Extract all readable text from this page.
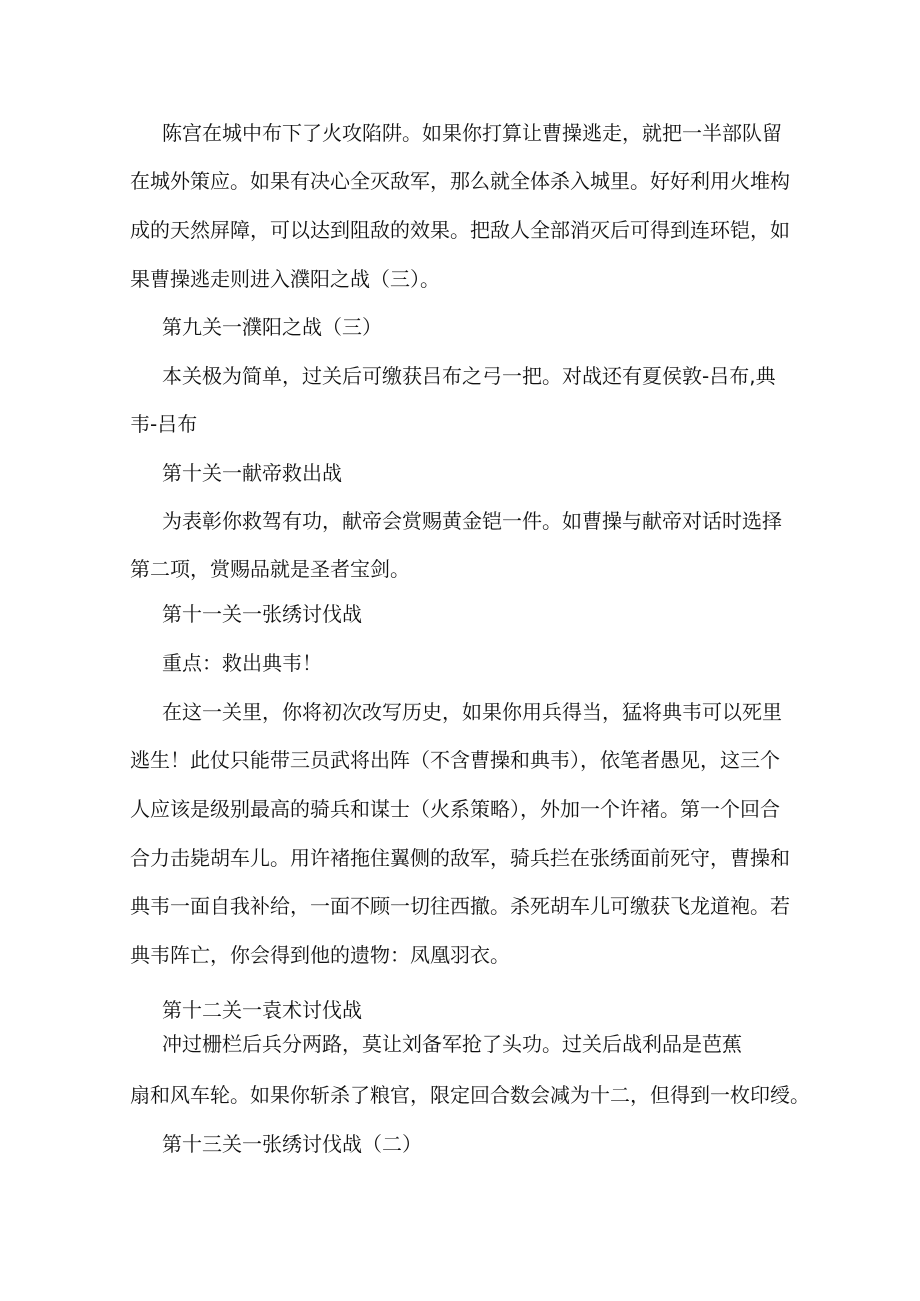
陈宫在城中布下了火攻陷阱。如果你打算让曹操逃走，就把一半部队留
在城外策应。如果有决心全灭敌军，那么就全体杀入城里。好好利用火堆构
成的天然屏障，可以达到阻敌的效果。把敌人全部消灭后可得到连环铠，如
果曹操逃走则进入濮阳之战（三）。
第九关一濮阳之战（三）
本关极为简单，过关后可缴获吕布之弓一把。对战还有夏侯敦-吕布,典
韦-吕布
第十关一献帝救出战
为表彰你救驾有功，献帝会赏赐黄金铠一件。如曹操与献帝对话时选择
第二项，赏赐品就是圣者宝剑。
第十一关一张绣讨伐战
重点：救出典韦！
在这一关里，你将初次改写历史，如果你用兵得当，猛将典韦可以死里
逃生！此仗只能带三员武将出阵（不含曹操和典韦），依笔者愚见，这三个
人应该是级别最高的骑兵和谋士（火系策略），外加一个许褚。第一个回合
合力击毙胡车儿。用许褚拖住翼侧的敌军，骑兵拦在张绣面前死守，曹操和
典韦一面自我补给，一面不顾一切往西撤。杀死胡车儿可缴获飞龙道袍。若
典韦阵亡，你会得到他的遗物：凤凰羽衣。
第十二关一袁术讨伐战
冲过栅栏后兵分两路，莫让刘备军抢了头功。过关后战利品是芭蕉
扇和风车轮。如果你斩杀了粮官，限定回合数会减为十二，但得到一枚印绶。
第十三关一张绣讨伐战（二）
